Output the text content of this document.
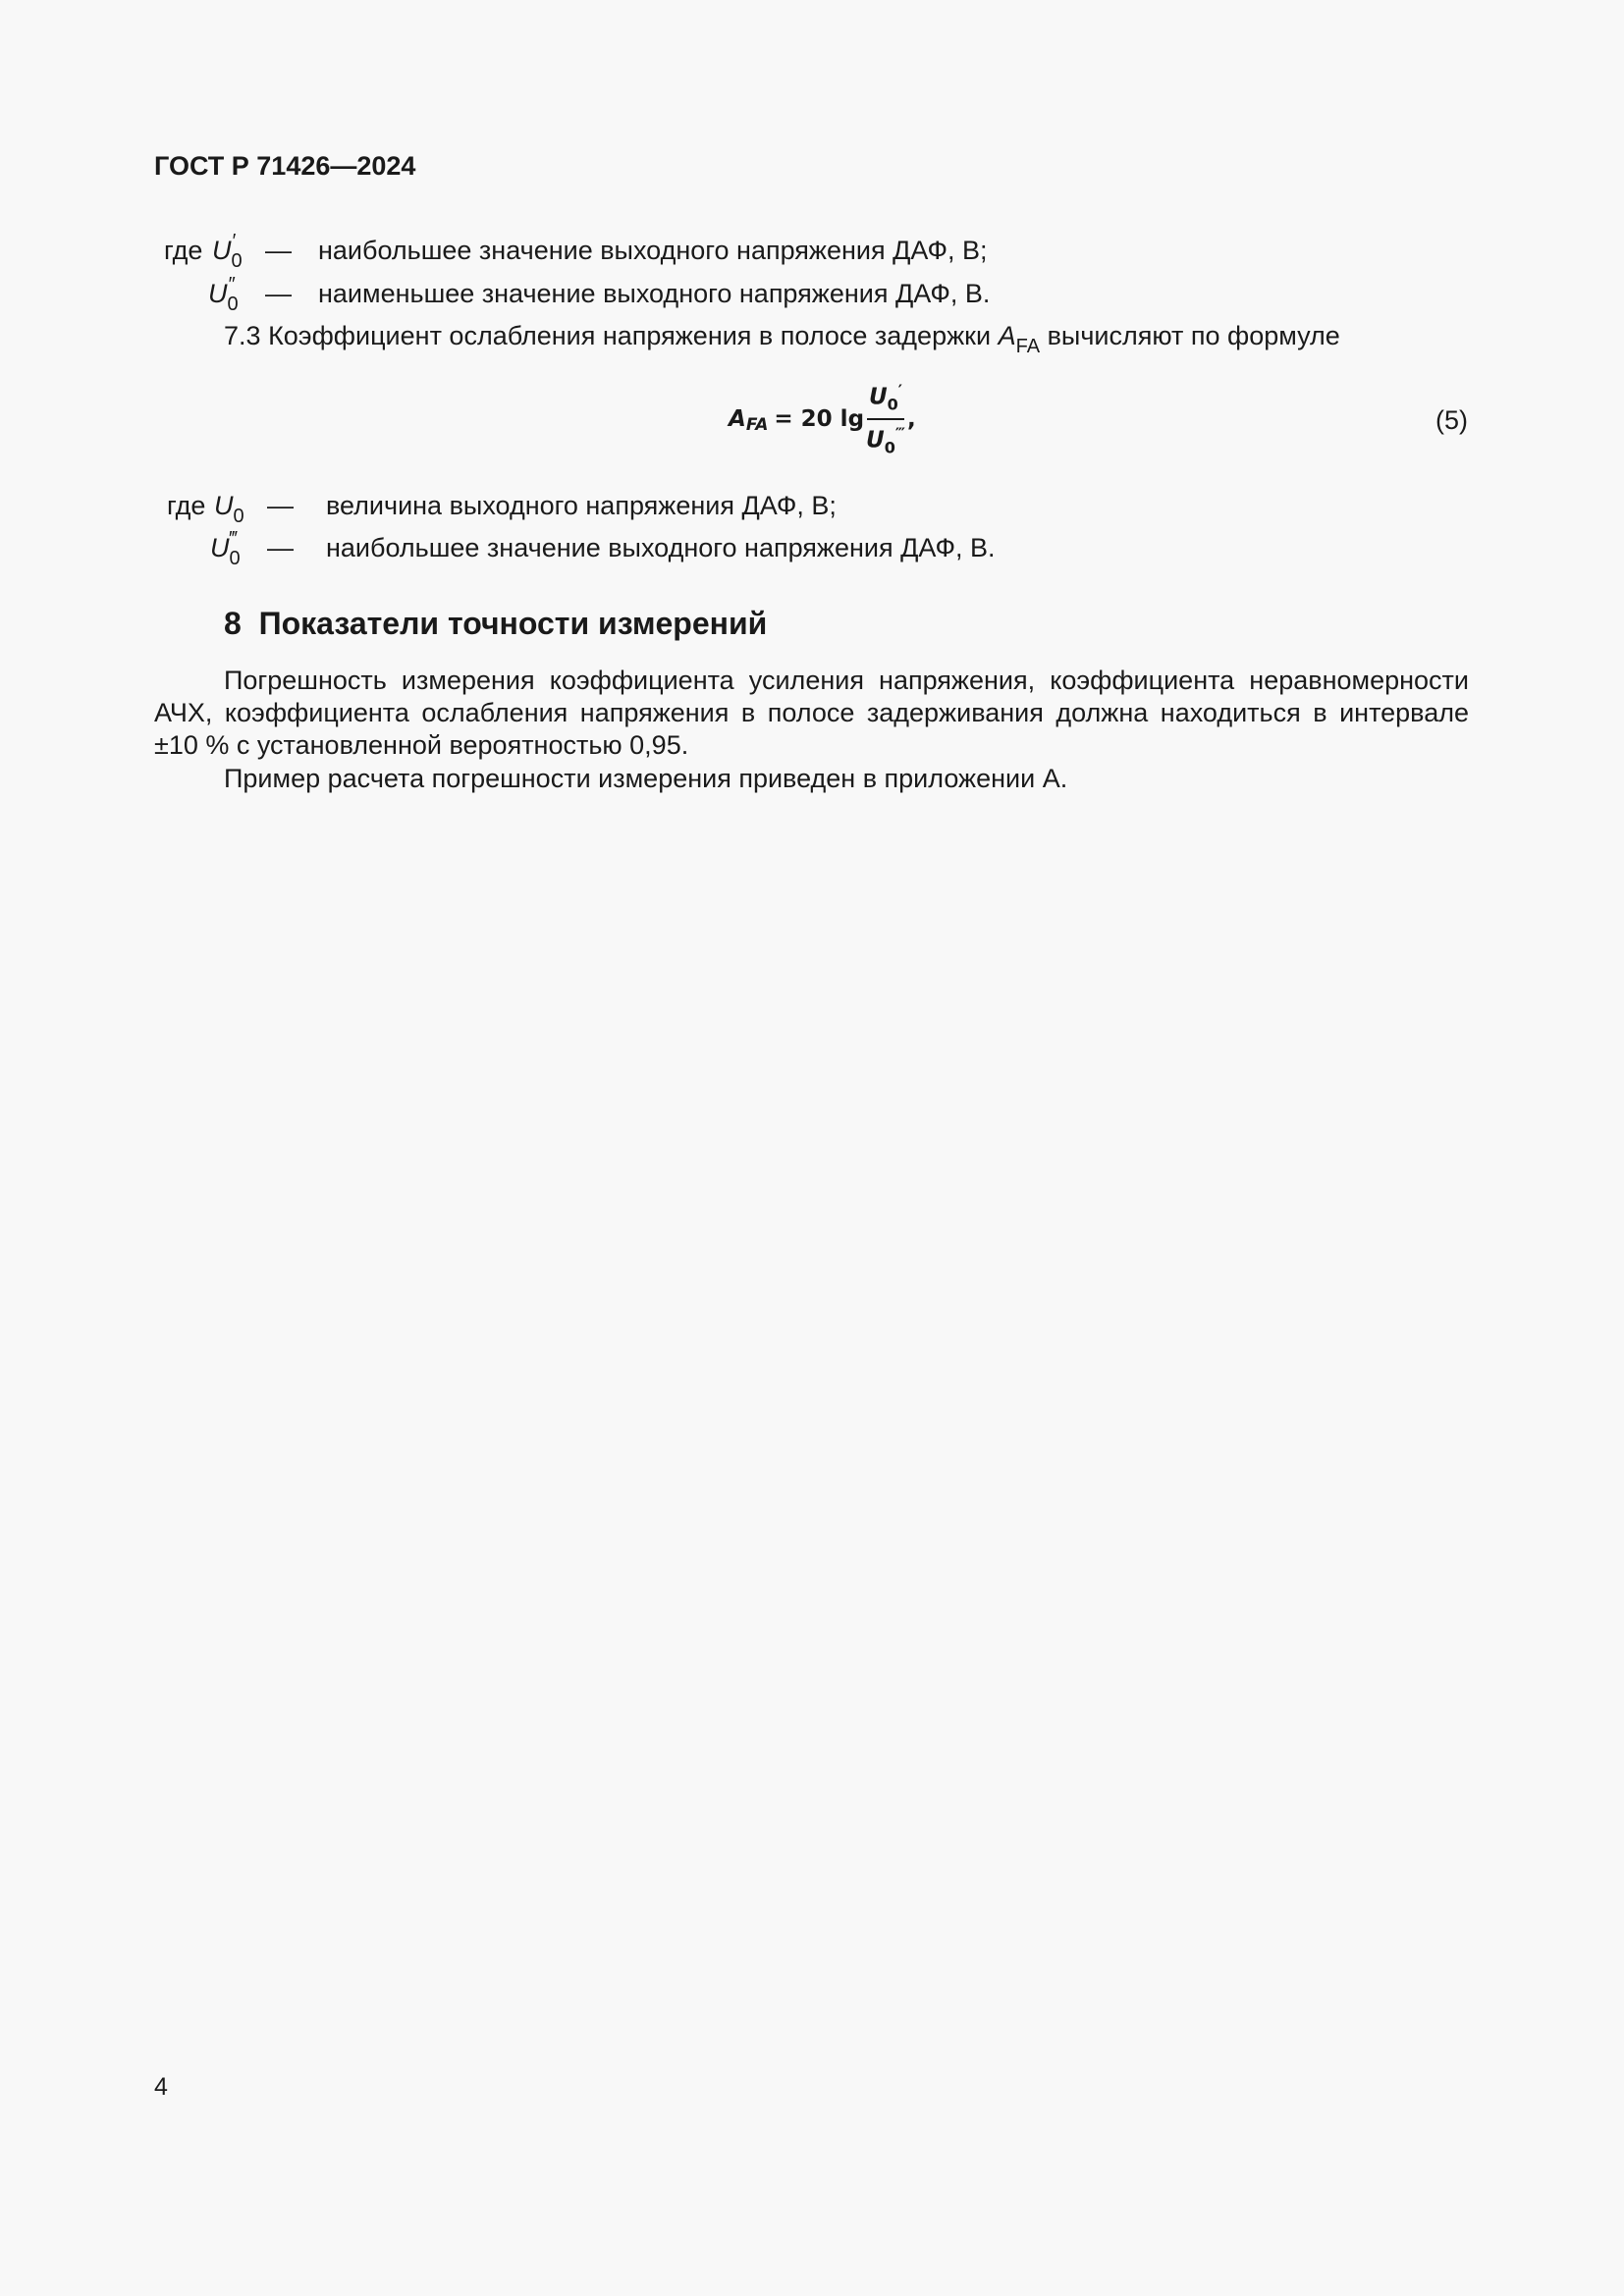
ГОСТ Р 71426—2024
где $U_0'$ — наибольшее значение выходного напряжения ДАФ, В;
$U_0''$ — наименьшее значение выходного напряжения ДАФ, В.
7.3 Коэффициент ослабления напряжения в полосе задержки $A_{FA}$ вычисляют по формуле
A FA = 20 $\lg \frac{U_0'}{U_0^‴}$ ,	(5)
где $U_0$ — величина выходного напряжения ДАФ, В;
$U_0^‴$ — наибольшее значение выходного напряжения ДАФ, В.
8 Показатели точности измерений
Погрешность измерения коэффициента усиления напряжения, коэффициента неравномерности АЧХ, коэффициента ослабления напряжения в полосе задерживания должна находиться в интервале ±10 % с установленной вероятностью 0,95.
Пример расчета погрешности измерения приведен в приложении А.
4
